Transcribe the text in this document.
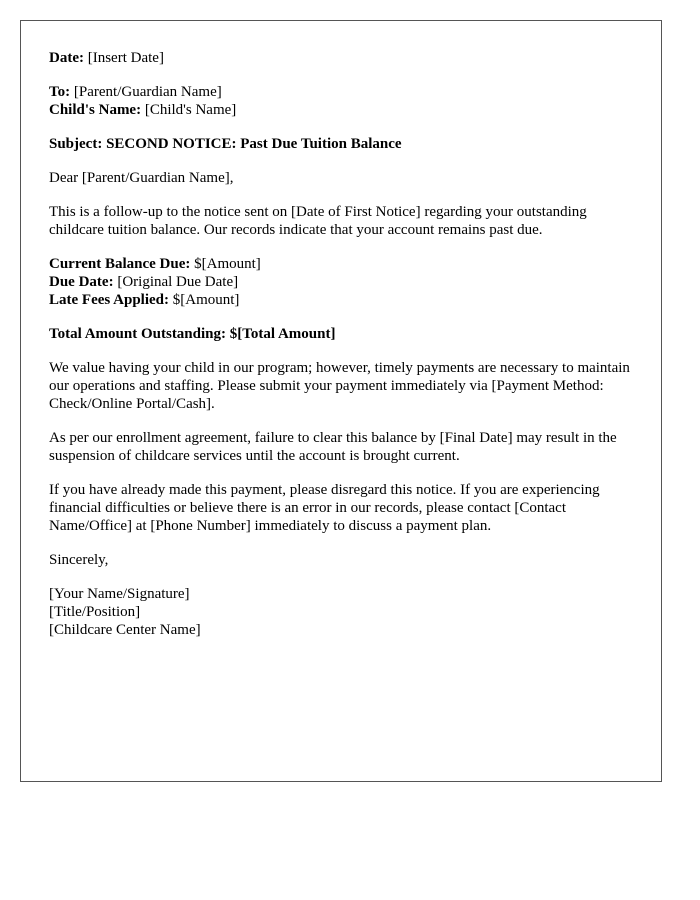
Date: [Insert Date]

To: [Parent/Guardian Name]
Child's Name: [Child's Name]

Subject: SECOND NOTICE: Past Due Tuition Balance

Dear [Parent/Guardian Name],

This is a follow-up to the notice sent on [Date of First Notice] regarding your outstanding childcare tuition balance. Our records indicate that your account remains past due.

Current Balance Due: $[Amount]
Due Date: [Original Due Date]
Late Fees Applied: $[Amount]

Total Amount Outstanding: $[Total Amount]

We value having your child in our program; however, timely payments are necessary to maintain our operations and staffing. Please submit your payment immediately via [Payment Method: Check/Online Portal/Cash].

As per our enrollment agreement, failure to clear this balance by [Final Date] may result in the suspension of childcare services until the account is brought current.

If you have already made this payment, please disregard this notice. If you are experiencing financial difficulties or believe there is an error in our records, please contact [Contact Name/Office] at [Phone Number] immediately to discuss a payment plan.

Sincerely,

[Your Name/Signature]
[Title/Position]
[Childcare Center Name]
